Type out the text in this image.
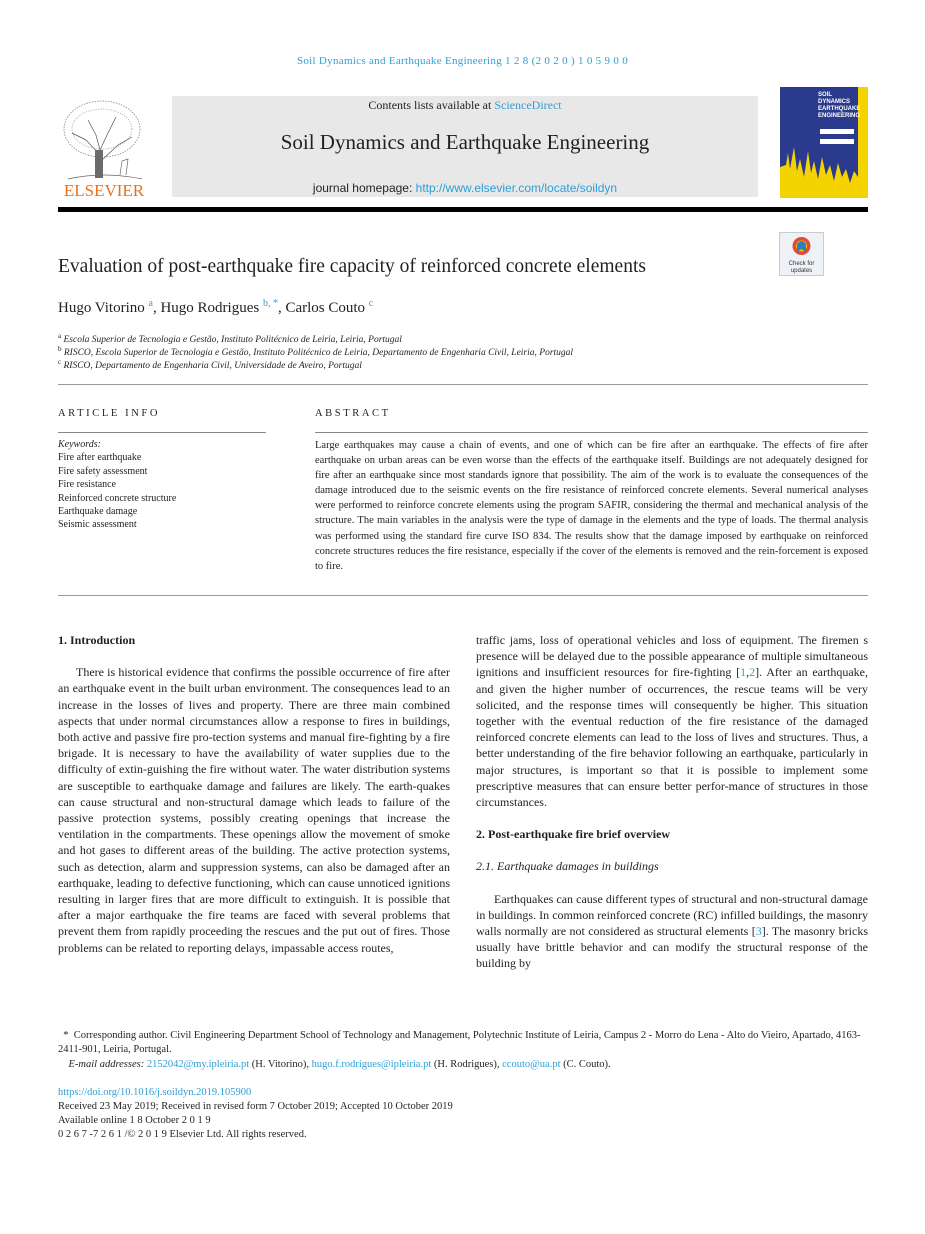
Soil Dynamics and Earthquake Engineering 1 2 8 (2 0 2 0 ) 1 0 5 9 0 0
ELSEVIER
Contents lists available at ScienceDirect
Soil Dynamics and Earthquake Engineering
journal homepage: http://www.elsevier.com/locate/soildyn
SOIL
DYNAMICS
EARTHQUAKE
ENGINEERING
Check for
updates
Evaluation of post-earthquake fire capacity of reinforced concrete elements
Hugo Vitorino $^a$, Hugo Rodrigues $^{b, *}$, Carlos Couto $^c$
$^a$ Escola Superior de Tecnologia e Gestão, Instituto Politécnico de Leiria, Leiria, Portugal
$^b$ RISCO, Escola Superior de Tecnologia e Gestão, Instituto Politécnico de Leiria, Departamento de Engenharia Civil, Leiria, Portugal
$^c$ RISCO, Departamento de Engenharia Civil, Universidade de Aveiro, Portugal
ARTICLE INFO	ABSTRACT
Keywords:
Fire after earthquake
Fire safety assessment
Fire resistance
Reinforced concrete structure
Earthquake damage
Seismic assessment
Large earthquakes may cause a chain of events, and one of which can be fire after an earthquake. The effects of fire after earthquake on urban areas can be even worse than the effects of the earthquake itself. Buildings are not adequately designed for fire after an earthquake since most standards ignore that possibility. The aim of the work is to evaluate the consequences of the damage introduced due to the seismic events on the fire resistance of reinforced concrete elements. Several numerical analyses were performed to reinforce concrete elements using the program SAFIR, considering the thermal and mechanical analysis of the structure. The main variables in the analysis were the type of damage in the elements and the type of loads. The thermal analysis was performed using the standard fire curve ISO 834. The results show that the damage imposed by earthquake on reinforced concrete structures reduces the fire resistance, especially if the cover of the elements is removed and the rein-forcement is exposed to fire.
1. Introduction

There is historical evidence that confirms the possible occurrence of fire after an earthquake event in the built urban environment. The consequences lead to an increase in the losses of lives and property. There are three main combined aspects that under normal circumstances allow a response to fires in buildings, both active and passive fire pro-tection systems and manual fire-fighting by a fire brigade. It is necessary to have the availability of water supplies due to the difficulty of extin-guishing the fire without water. The water distribution systems are susceptible to earthquake damage and failures are likely. The earth-quakes can cause structural and non-structural damage which leads to failure of the passive protection systems, possibly creating openings that increase the ventilation in the compartments. These openings allow the movement of smoke and hot gases to different areas of the building. The active protection systems, such as detection, alarm and suppression systems, can also be damaged after an earthquake, leading to defective functioning, which can cause unnoticed ignitions resulting in larger fires that are more difficult to extinguish. It is possible that after a major earthquake the fire teams are faced with several problems that prevent them from rapidly proceeding the rescues and the put out of fires. Those problems can be related to reporting delays, impassable access routes,

traffic jams, loss of operational vehicles and loss of equipment. The firemen s presence will be delayed due to the possible appearance of multiple simultaneous ignitions and insufficient resources for fire-fighting [1,2]. After an earthquake, and given the higher number of occurrences, the rescue teams will be very solicited, and the response times will consequently be higher. This situation together with the eventual reduction of the fire resistance of the damaged reinforced concrete elements can lead to the loss of lives and structures. Thus, a better understanding of the fire behavior following an earthquake, particularly in major structures, is important so that it is possible to implement some prescriptive measures that can ensure better perfor-mance of structures in those circumstances.

2. Post-earthquake fire brief overview
2.1. Earthquake damages in buildings

Earthquakes can cause different types of structural and non-structural damage in buildings. In common reinforced concrete (RC) infilled buildings, the masonry walls normally are not considered as structural elements [3]. The masonry bricks usually have brittle behavior and can modify the structural response of the building by

*  Corresponding author. Civil Engineering Department School of Technology and Management, Polytechnic Institute of Leiria, Campus 2 - Morro do Lena - Alto do Vieiro, Apartado, 4163-2411-901, Leiria, Portugal.
E-mail addresses: 2152042@my.ipleiria.pt (H. Vitorino), hugo.f.rodrigues@ipleiria.pt (H. Rodrigues), ccouto@ua.pt (C. Couto).
https://doi.org/10.1016/j.soildyn.2019.105900
Received 23 May 2019; Received in revised form 7 October 2019; Accepted 10 October 2019
Available online 1 8 October 2 0 1 9
0 2 6 7 -7 2 6 1 /© 2 0 1 9 Elsevier Ltd. All rights reserved.
